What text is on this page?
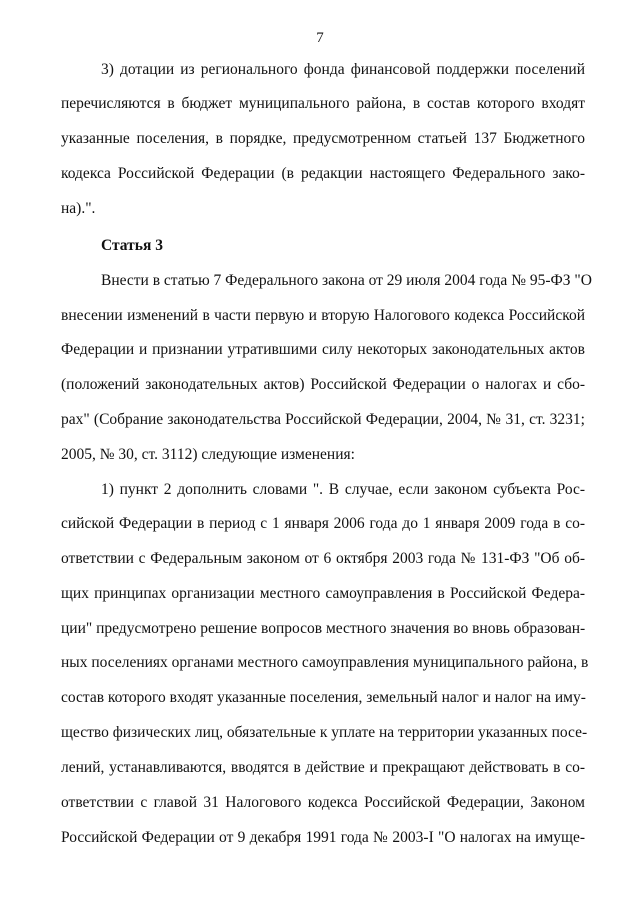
7
3) дотации из регионального фонда финансовой поддержки поселений
перечисляются в бюджет муниципального района, в состав которого входят
указанные поселения, в порядке, предусмотренном статьей 137 Бюджетного
кодекса Российской Федерации (в редакции настоящего Федерального зако-
на).".
Статья 3
Внести в статью 7 Федерального закона от 29 июля 2004 года № 95-ФЗ "О
внесении изменений в части первую и вторую Налогового кодекса Российской
Федерации и признании утратившими силу некоторых законодательных актов
(положений законодательных актов) Российской Федерации о налогах и сбо-
рах" (Собрание законодательства Российской Федерации, 2004, № 31, ст. 3231;
2005, № 30, ст. 3112) следующие изменения:
1) пункт 2 дополнить словами ". В случае, если законом субъекта Рос-
сийской Федерации в период с 1 января 2006 года до 1 января 2009 года в со-
ответствии с Федеральным законом от 6 октября 2003 года № 131-ФЗ "Об об-
щих принципах организации местного самоуправления в Российской Федера-
ции" предусмотрено решение вопросов местного значения во вновь образован-
ных поселениях органами местного самоуправления муниципального района, в
состав которого входят указанные поселения, земельный налог и налог на иму-
щество физических лиц, обязательные к уплате на территории указанных посе-
лений, устанавливаются, вводятся в действие и прекращают действовать в со-
ответствии с главой 31 Налогового кодекса Российской Федерации, Законом
Российской Федерации от 9 декабря 1991 года № 2003-I "О налогах на имуще-
